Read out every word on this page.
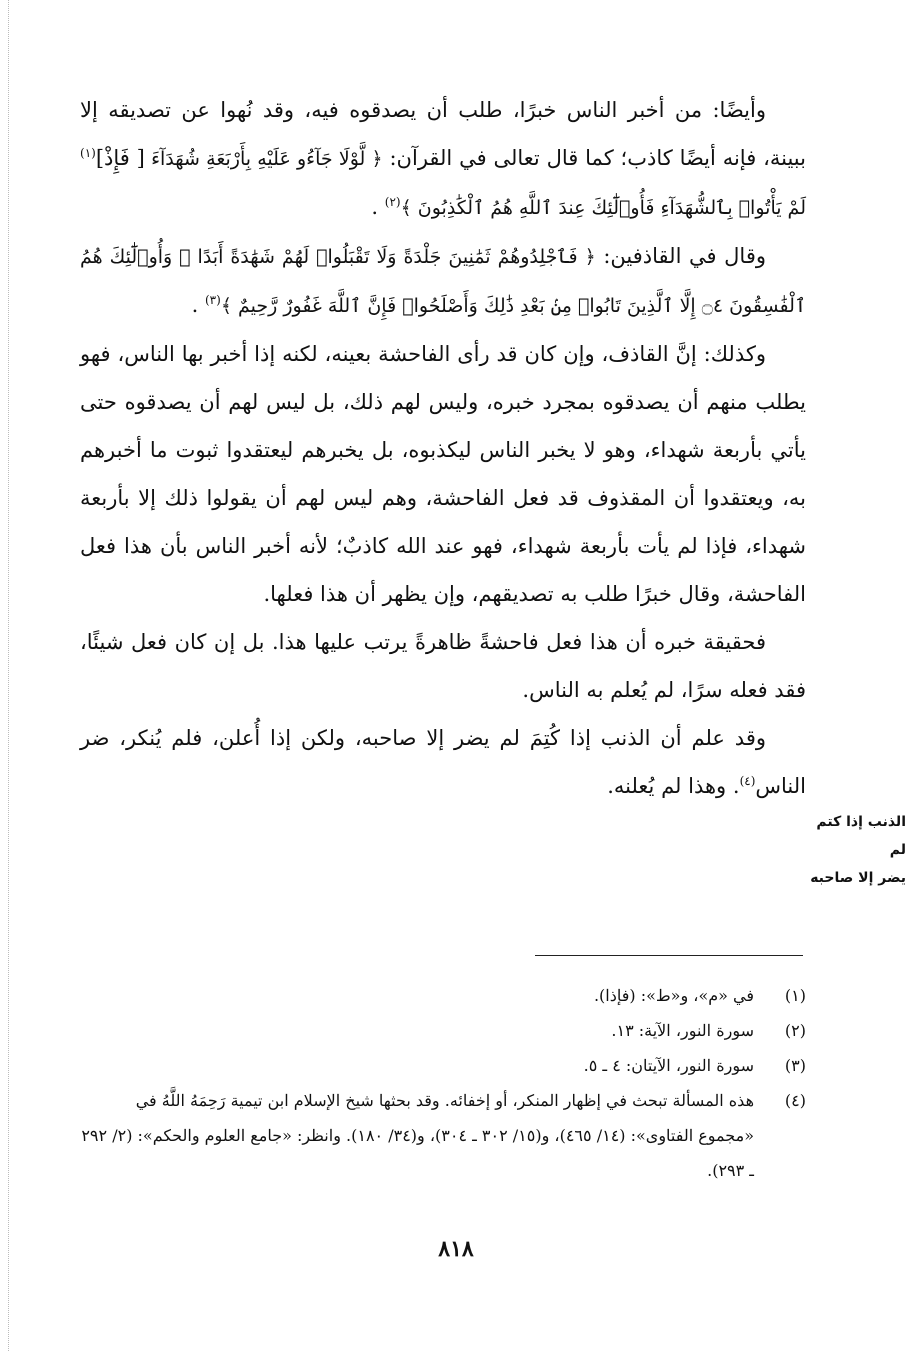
وأيضًا: من أخبر الناس خبرًا، طلب أن يصدقوه فيه، وقد نُهوا عن تصديقه إلا ببينة، فإنه أيضًا كاذب؛ كما قال تعالى في القرآن: ﴿ لَّوْلَا جَآءُو عَلَيْهِ بِأَرْبَعَةِ شُهَدَآءَ [ فَإِذْ]$^{(١)}$ لَمْ يَأْتُوا۟ بِٱلشُّهَدَآءِ فَأُو۟لَٰٓئِكَ عِندَ ٱللَّهِ هُمُ ٱلْكَٰذِبُونَ ﴾$^{(٢)}$ .

وقال في القاذفين: ﴿ فَٱجْلِدُوهُمْ ثَمَٰنِينَ جَلْدَةً وَلَا تَقْبَلُوا۟ لَهُمْ شَهَٰدَةً أَبَدًا ۚ وَأُو۟لَٰٓئِكَ هُمُ ٱلْفَٰسِقُونَ ۝٤ إِلَّا ٱلَّذِينَ تَابُوا۟ مِنۢ بَعْدِ ذَٰلِكَ وَأَصْلَحُوا۟ فَإِنَّ ٱللَّهَ غَفُورٌ رَّحِيمٌ ﴾$^{(٣)}$ .

وكذلك: إنَّ القاذف، وإن كان قد رأى الفاحشة بعينه، لكنه إذا أخبر بها الناس، فهو يطلب منهم أن يصدقوه بمجرد خبره، وليس لهم ذلك، بل ليس لهم أن يصدقوه حتى يأتي بأربعة شهداء، وهو لا يخبر الناس ليكذبوه، بل يخبرهم ليعتقدوا ثبوت ما أخبرهم به، ويعتقدوا أن المقذوف قد فعل الفاحشة، وهم ليس لهم أن يقولوا ذلك إلا بأربعة شهداء، فإذا لم يأت بأربعة شهداء، فهو عند الله كاذبٌ؛ لأنه أخبر الناس بأن هذا فعل الفاحشة، وقال خبرًا طلب به تصديقهم، وإن يظهر أن هذا فعلها.

فحقيقة خبره أن هذا فعل فاحشةً ظاهرةً يرتب عليها هذا. بل إن كان فعل شيئًا، فقد فعله سرًا، لم يُعلم به الناس.

وقد علم أن الذنب إذا كُتِمَ لم يضر إلا صاحبه، ولكن إذا أُعلن، فلم يُنكر، ضر الناس$^{(٤)}$. وهذا لم يُعلنه.

الذنب إذا كتم لم
يضر إلا صاحبه
(١)
في «م»، و«ط»: (فإذا).
(٢)
سورة النور، الآية: ١٣.
(٣)
سورة النور، الآيتان: ٤ ـ ٥.
(٤)
هذه المسألة تبحث في إظهار المنكر، أو إخفائه. وقد بحثها شيخ الإسلام ابن تيمية رَحِمَهُ اللَّهُ في «مجموع الفتاوى»: (١٤/ ٤٦٥)، و(١٥/ ٣٠٢ ـ ٣٠٤)، و(٣٤/ ١٨٠). وانظر: «جامع العلوم والحكم»: (٢/ ٢٩٢ ـ ٢٩٣).
٨١٨
